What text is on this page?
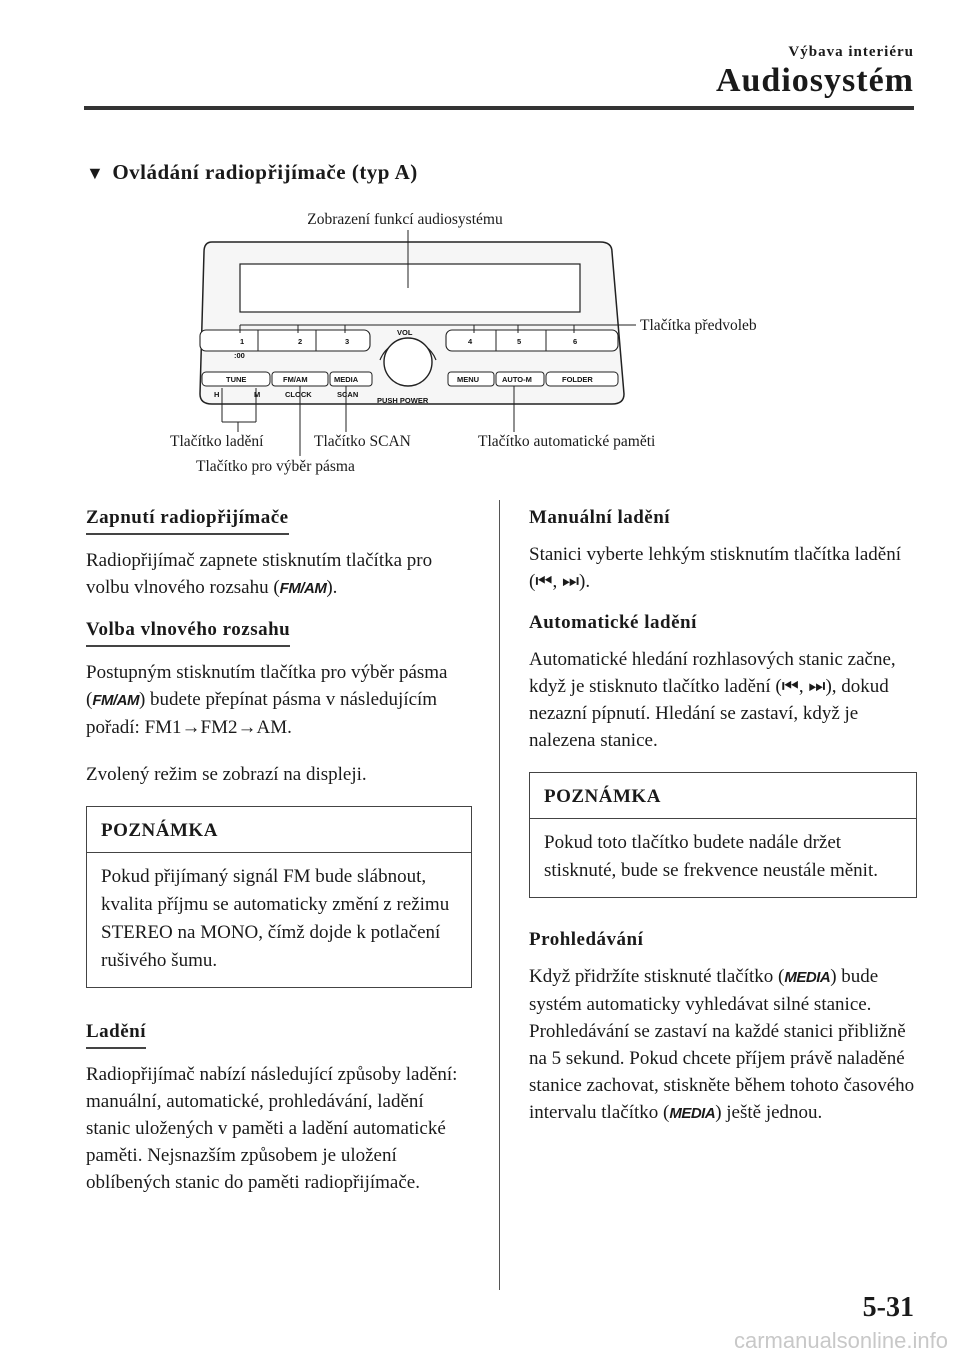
Výbava interiéru
Audiosystém
▼ Ovládání radiopřijímače (typ A)
Zobrazení funkcí audiosystému
Tlačítka předvoleb
Tlačítko ladění	Tlačítko SCAN	Tlačítko automatické paměti
Tlačítko pro výběr pásma
1	2	3	4	5	6
:00
VOL
PUSH POWER
TUNE	FM/AM	MEDIA	MENU	AUTO-M	FOLDER
H	M	CLOCK	SCAN
Zapnutí radiopřijímače

Radiopřijímač zapnete stisknutím tlačítka pro volbu vlnového rozsahu (FM/AM).

Volba vlnového rozsahu

Postupným stisknutím tlačítka pro výběr pásma (FM/AM) budete přepínat pásma v následujícím pořadí: FM1→FM2→AM.

Zvolený režim se zobrazí na displeji.

POZNÁMKA
Pokud přijímaný signál FM bude slábnout, kvalita příjmu se automaticky změní z režimu STEREO na MONO, čímž dojde k potlačení rušivého šumu.
Ladění

Radiopřijímač nabízí následující způsoby ladění: manuální, automatické, prohledávání, ladění stanic uložených v paměti a ladění automatické paměti. Nejsnazším způsobem je uložení oblíbených stanic do paměti radiopřijímače.

Manuální ladění

Stanici vyberte lehkým stisknutím tlačítka ladění (⏮, ⏭).

Automatické ladění

Automatické hledání rozhlasových stanic začne, když je stisknuto tlačítko ladění (⏮, ⏭), dokud nezazní pípnutí. Hledání se zastaví, když je nalezena stanice.

POZNÁMKA
Pokud toto tlačítko budete nadále držet stisknuté, bude se frekvence neustále měnit.
Prohledávání

Když přidržíte stisknuté tlačítko (MEDIA) bude systém automaticky vyhledávat silné stanice. Prohledávání se zastaví na každé stanici přibližně na 5 sekund. Pokud chcete příjem právě naladěné stanice zachovat, stiskněte během tohoto časového intervalu tlačítko (MEDIA) ještě jednou.

5-31
carmanualsonline.info
